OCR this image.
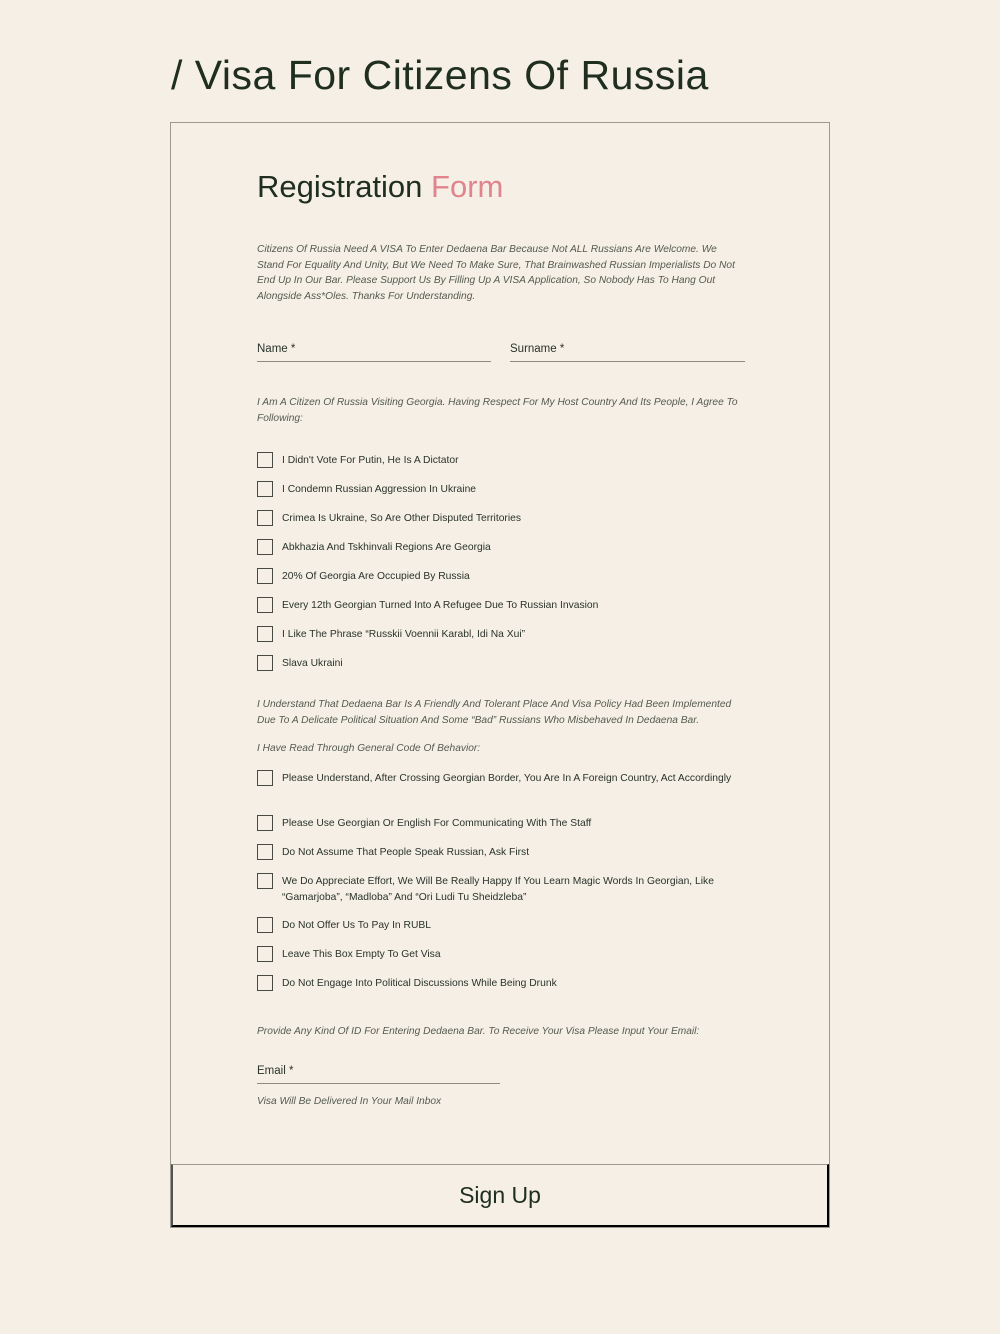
/ Visa For Citizens Of Russia
Registration Form

Citizens Of Russia Need A VISA To Enter Dedaena Bar Because Not ALL Russians Are Welcome. We Stand For Equality And Unity, But We Need To Make Sure, That Brainwashed Russian Imperialists Do Not End Up In Our Bar. Please Support Us By Filling Up A VISA Application, So Nobody Has To Hang Out Alongside Ass*Oles. Thanks For Understanding.

Name *	Surname *

I Am A Citizen Of Russia Visiting Georgia. Having Respect For My Host Country And Its People, I Agree To Following:

I Didn't Vote For Putin, He Is A Dictator
I Condemn Russian Aggression In Ukraine
Crimea Is Ukraine, So Are Other Disputed Territories
Abkhazia And Tskhinvali Regions Are Georgia
20% Of Georgia Are Occupied By Russia
Every 12th Georgian Turned Into A Refugee Due To Russian Invasion
I Like The Phrase “Russkii Voennii Karabl, Idi Na Xui”
Slava Ukraini

I Understand That Dedaena Bar Is A Friendly And Tolerant Place And Visa Policy Had Been Implemented Due To A Delicate Political Situation And Some “Bad” Russians Who Misbehaved In Dedaena Bar.

I Have Read Through General Code Of Behavior:

Please Understand, After Crossing Georgian Border, You Are In A Foreign Country, Act Accordingly
Please Use Georgian Or English For Communicating With The Staff
Do Not Assume That People Speak Russian, Ask First
We Do Appreciate Effort, We Will Be Really Happy If You Learn Magic Words In Georgian, Like “Gamarjoba”, “Madloba” And “Ori Ludi Tu Sheidzleba”
Do Not Offer Us To Pay In RUBL
Leave This Box Empty To Get Visa
Do Not Engage Into Political Discussions While Being Drunk

Provide Any Kind Of ID For Entering Dedaena Bar. To Receive Your Visa Please Input Your Email:

Email *

Visa Will Be Delivered In Your Mail Inbox

Sign Up
